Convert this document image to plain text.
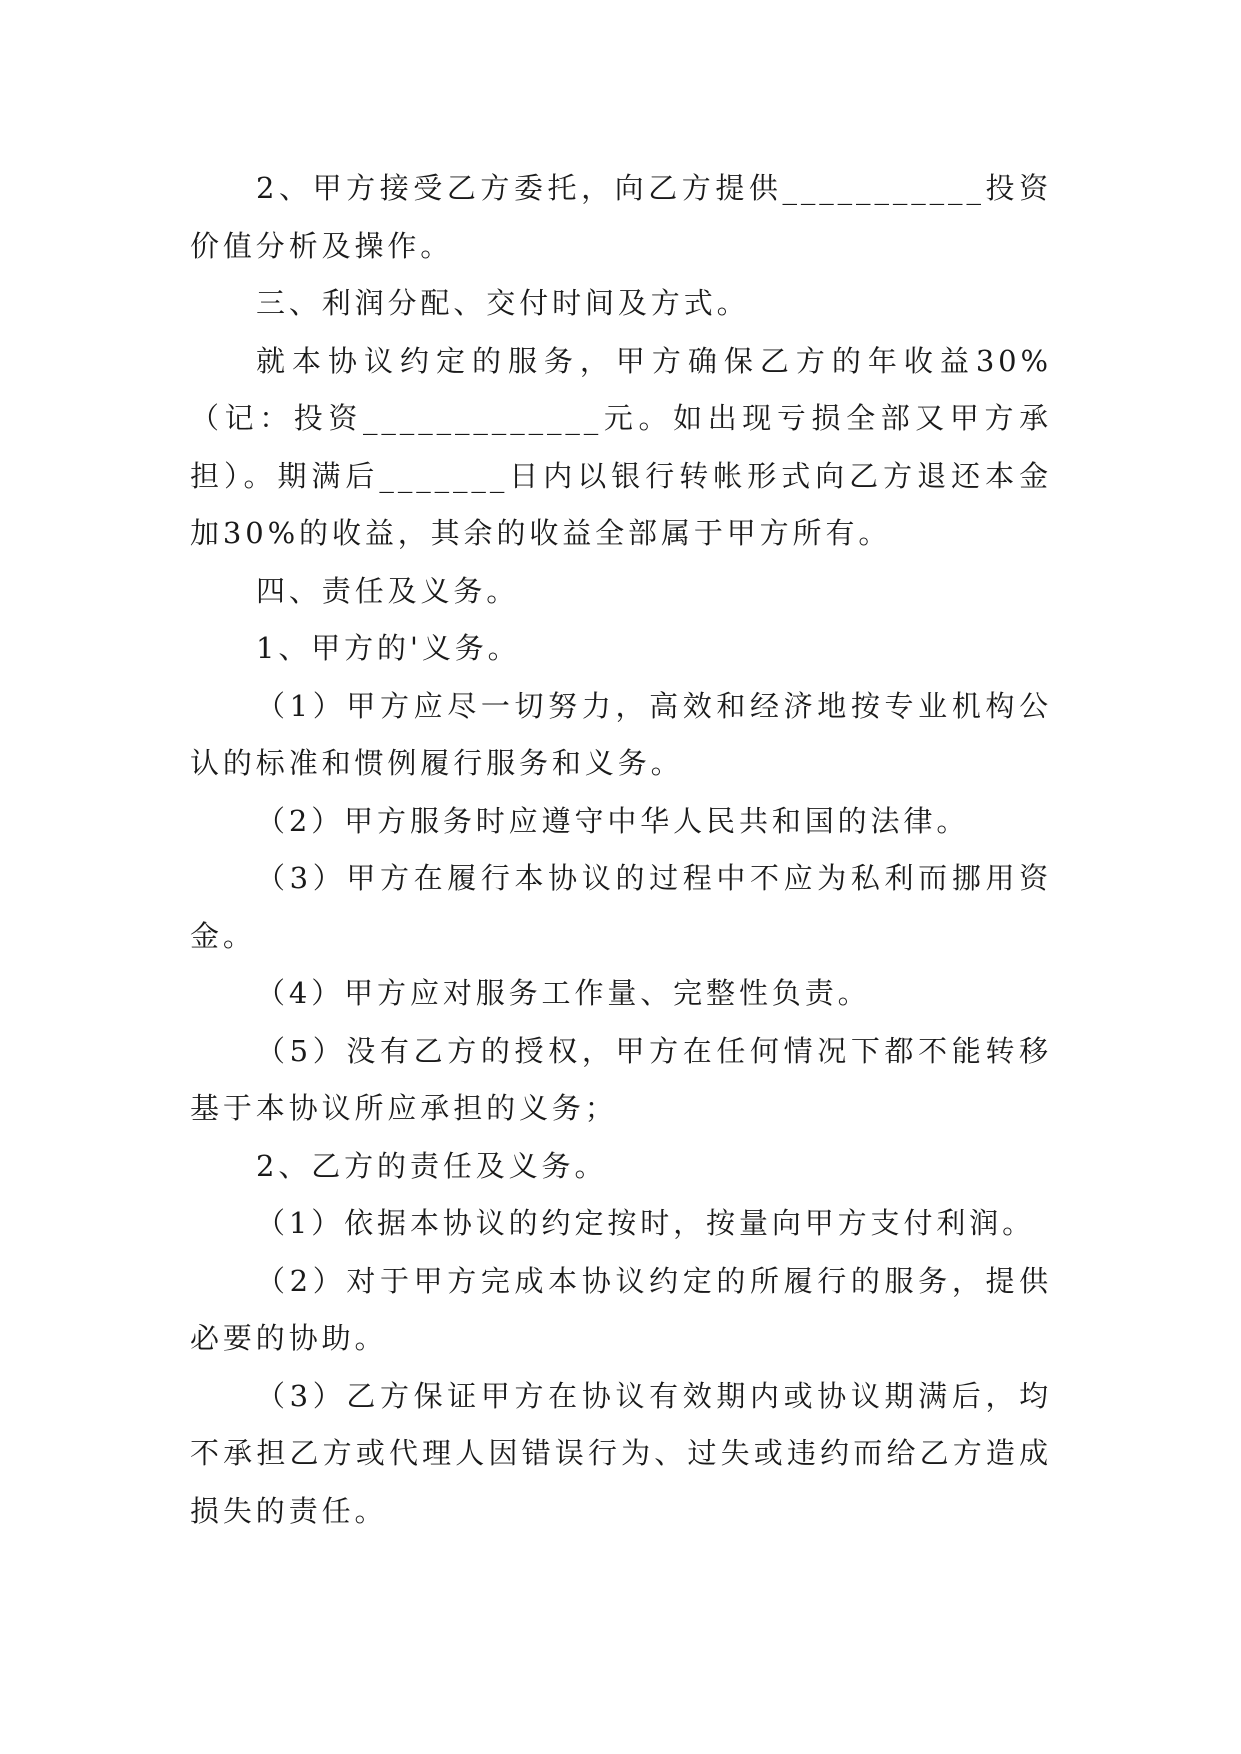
2、甲方接受乙方委托，向乙方提供___________投资价值分析及操作。

三、利润分配、交付时间及方式。

就本协议约定的服务，甲方确保乙方的年收益30%（记：投资_____________元。如出现亏损全部又甲方承担）。期满后_______日内以银行转帐形式向乙方退还本金加30%的收益，其余的收益全部属于甲方所有。

四、责任及义务。

1、甲方的'义务。

（1）甲方应尽一切努力，高效和经济地按专业机构公认的标准和惯例履行服务和义务。

（2）甲方服务时应遵守中华人民共和国的法律。

（3）甲方在履行本协议的过程中不应为私利而挪用资金。

（4）甲方应对服务工作量、完整性负责。

（5）没有乙方的授权，甲方在任何情况下都不能转移基于本协议所应承担的义务；

2、乙方的责任及义务。

（1）依据本协议的约定按时，按量向甲方支付利润。

（2）对于甲方完成本协议约定的所履行的服务，提供必要的协助。

（3）乙方保证甲方在协议有效期内或协议期满后，均不承担乙方或代理人因错误行为、过失或违约而给乙方造成损失的责任。
